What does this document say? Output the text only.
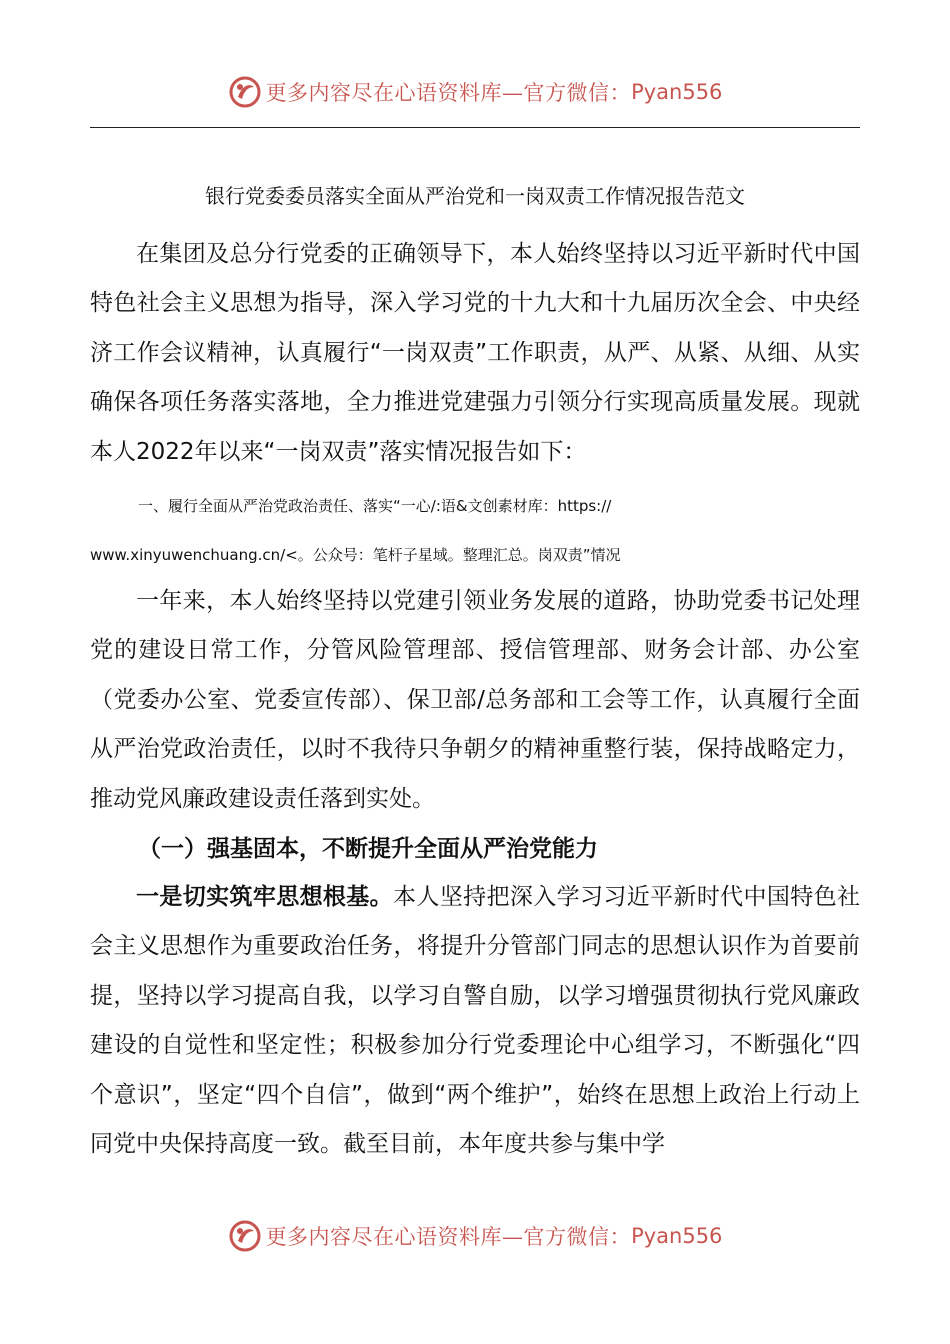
更多内容尽在心语资料库—官方微信： Pyan556
银行党委委员落实全面从严治党和一岗双责工作情况报告范文

在集团及总分行党委的正确领导下，本人始终坚持以习近平新时代中国特色社会主义思想为指导，深入学习党的十九大和十九届历次全会、中央经济工作会议精神，认真履行“一岗双责”工作职责，从严、从紧、从细、从实确保各项任务落实落地，全力推进党建强力引领分行实现高质量发展。现就本人2022年以来“一岗双责”落实情况报告如下：

一、履行全面从严治党政治责任、落实“一心/:语&文创素材库：https://
www.xinyuwenchuang.cn/<。公众号：笔杆子星域。整理汇总。岗双责”情况

一年来，本人始终坚持以党建引领业务发展的道路，协助党委书记处理党的建设日常工作，分管风险管理部、授信管理部、财务会计部、办公室（党委办公室、党委宣传部）、保卫部/总务部和工会等工作，认真履行全面从严治党政治责任，以时不我待只争朝夕的精神重整行装，保持战略定力，推动党风廉政建设责任落到实处。

（一）强基固本，不断提升全面从严治党能力

一是切实筑牢思想根基。本人坚持把深入学习习近平新时代中国特色社会主义思想作为重要政治任务，将提升分管部门同志的思想认识作为首要前提，坚持以学习提高自我，以学习自警自励，以学习增强贯彻执行党风廉政建设的自觉性和坚定性；积极参加分行党委理论中心组学习，不断强化“四个意识”，坚定“四个自信”，做到“两个维护”，始终在思想上政治上行动上同党中央保持高度一致。截至目前，本年度共参与集中学

更多内容尽在心语资料库—官方微信： Pyan556
